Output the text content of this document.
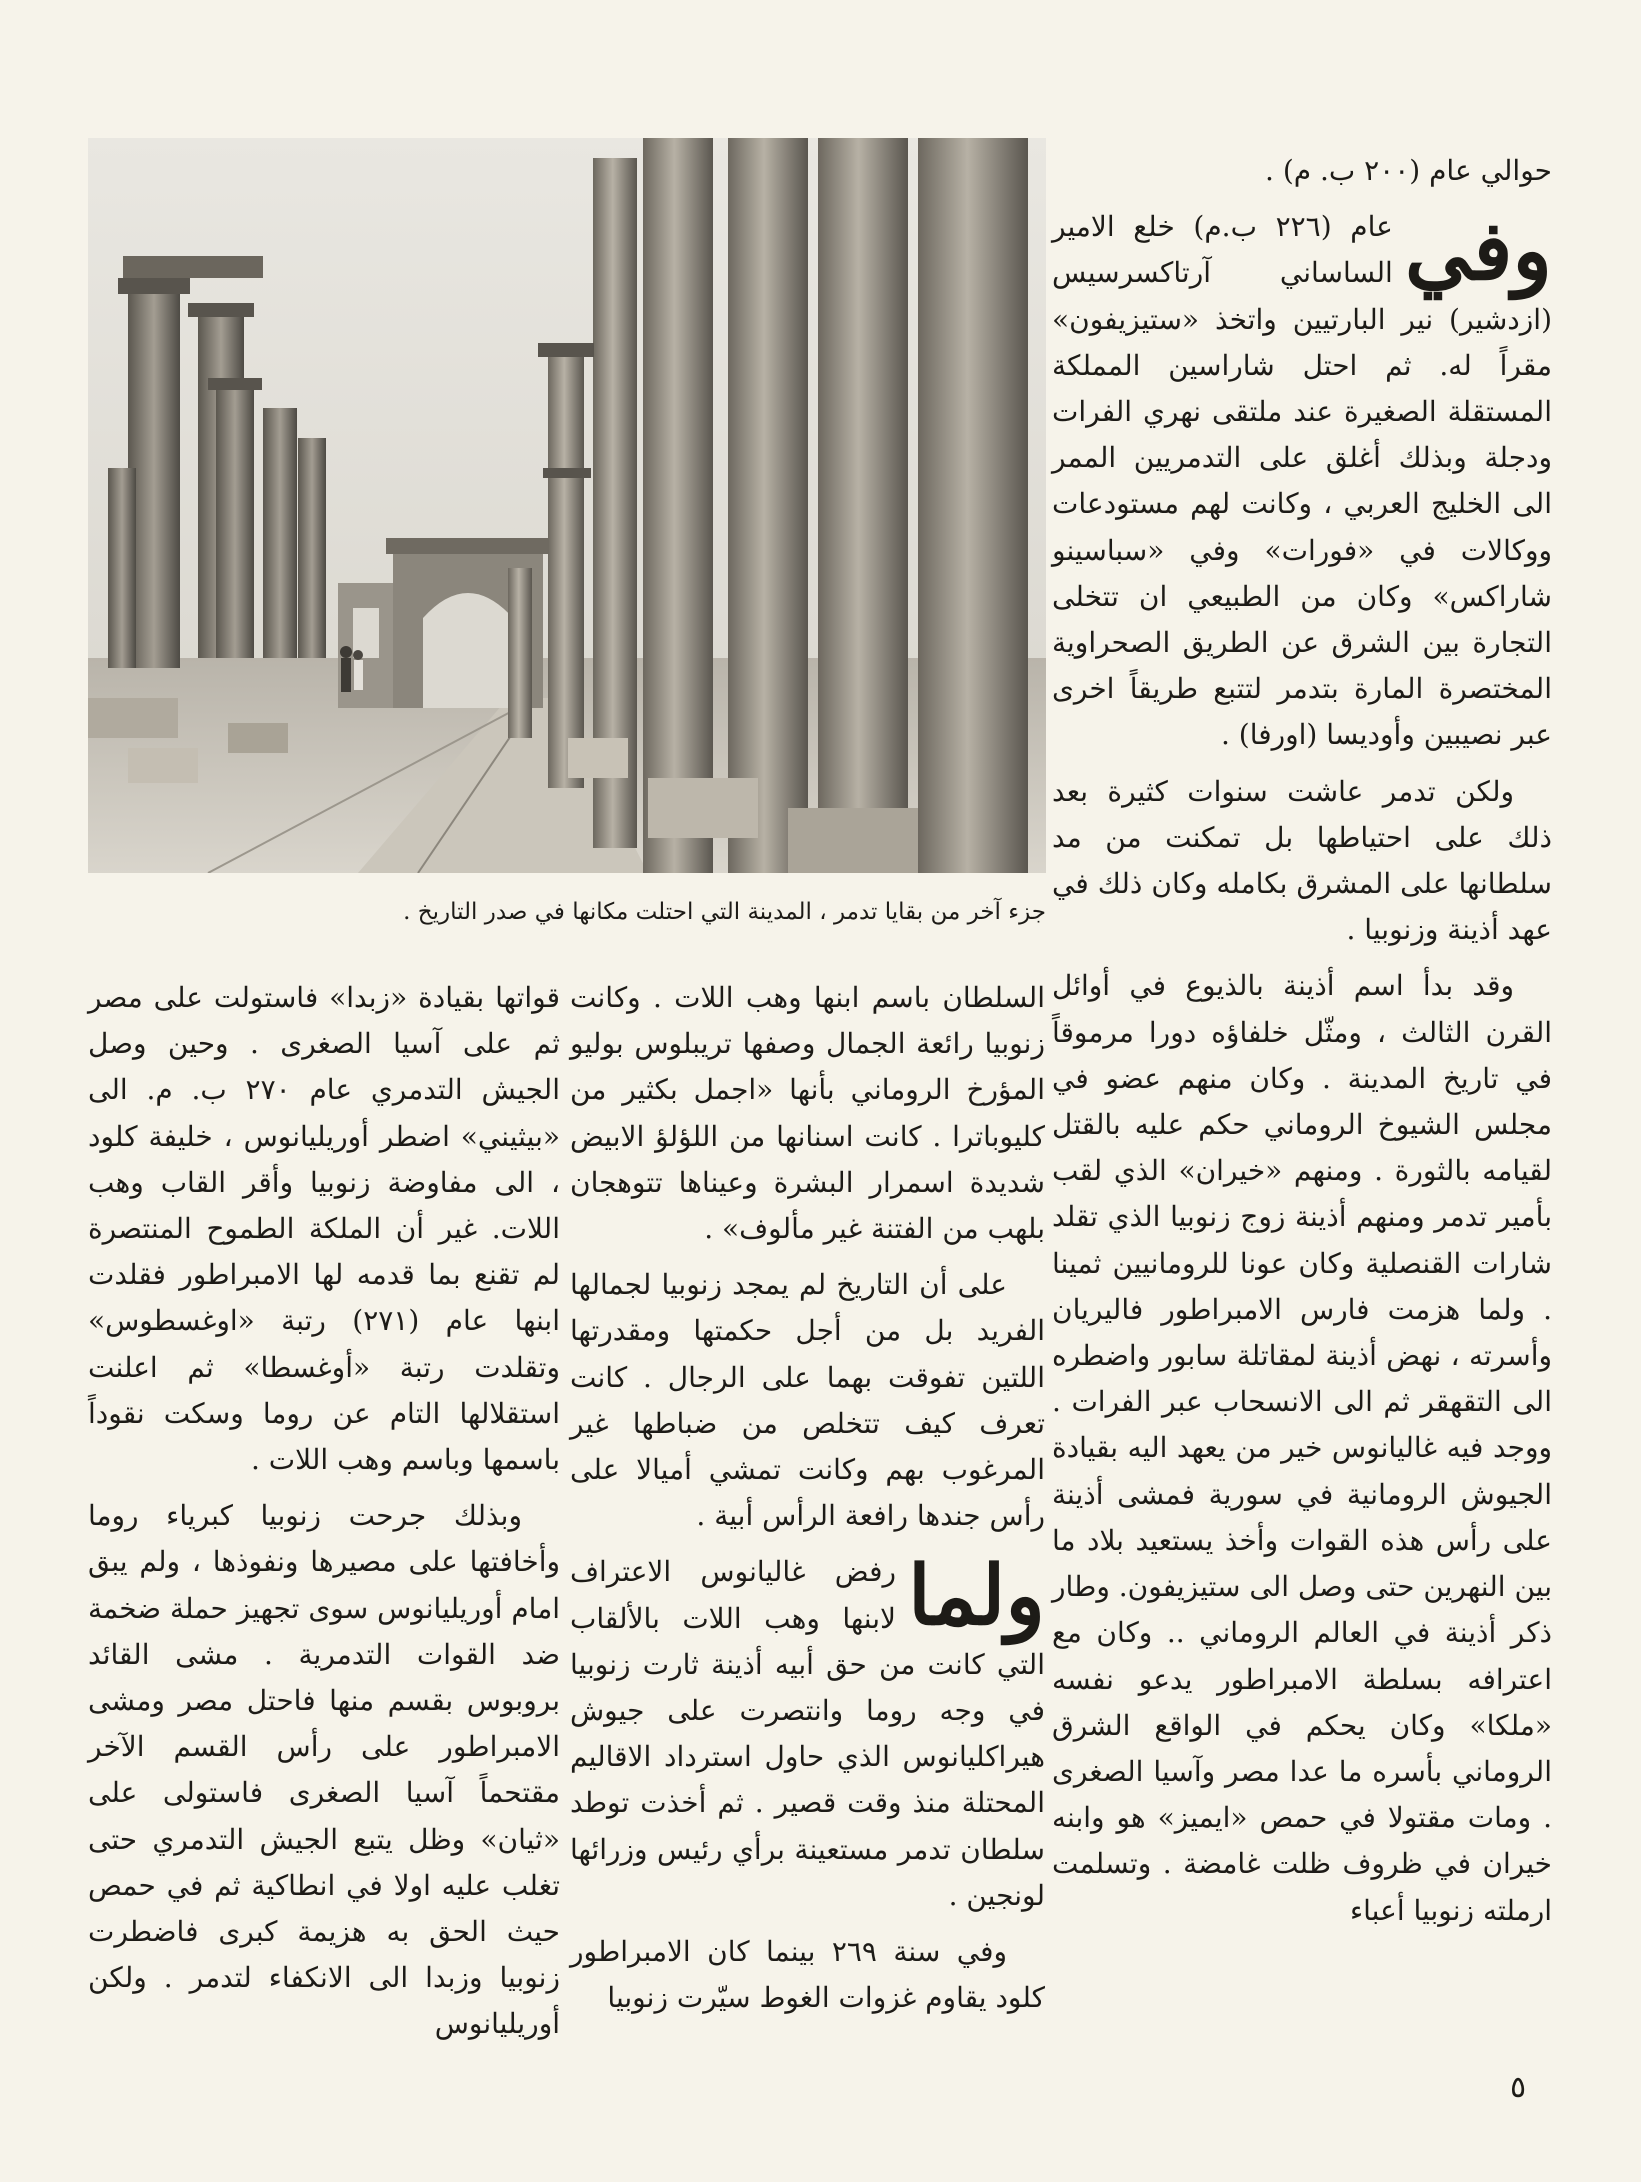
جزء آخر من بقايا تدمر ، المدينة التي احتلت مكانها في صدر التاريخ .

حوالي عام (٢٠٠ ب. م) .

وفي
عام (٢٢٦ ب.م) خلع الامير الساساني آرتاكسرسيس (ازدشير) نير البارتيين واتخذ «ستيزيفون» مقراً له. ثم احتل شاراسين المملكة المستقلة الصغيرة عند ملتقى نهري الفرات ودجلة وبذلك أغلق على التدمريين الممر الى الخليج العربي ، وكانت لهم مستودعات ووكالات في «فورات» وفي «سباسينو شاراكس» وكان من الطبيعي ان تتخلى التجارة بين الشرق عن الطريق الصحراوية المختصرة المارة بتدمر لتتبع طريقاً اخرى عبر نصيبين وأوديسا (اورفا) .

ولكن تدمر عاشت سنوات كثيرة بعد ذلك على احتياطها بل تمكنت من مد سلطانها على المشرق بكامله وكان ذلك في عهد أذينة وزنوبيا .

وقد بدأ اسم أذينة بالذيوع في أوائل القرن الثالث ، ومثّل خلفاؤه دورا مرموقاً في تاريخ المدينة . وكان منهم عضو في مجلس الشيوخ الروماني حكم عليه بالقتل لقيامه بالثورة . ومنهم «خيران» الذي لقب بأمير تدمر ومنهم أذينة زوج زنوبيا الذي تقلد شارات القنصلية وكان عونا للرومانيين ثمينا . ولما هزمت فارس الامبراطور فاليريان وأسرته ، نهض أذينة لمقاتلة سابور واضطره الى التقهقر ثم الى الانسحاب عبر الفرات . ووجد فيه غاليانوس خير من يعهد اليه بقيادة الجيوش الرومانية في سورية فمشى أذينة على رأس هذه القوات وأخذ يستعيد بلاد ما بين النهرين حتى وصل الى ستيزيفون. وطار ذكر أذينة في العالم الروماني .. وكان مع اعترافه بسلطة الامبراطور يدعو نفسه «ملكا» وكان يحكم في الواقع الشرق الروماني بأسره ما عدا مصر وآسيا الصغرى . ومات مقتولا في حمص «ايميز» هو وابنه خيران في ظروف ظلت غامضة . وتسلمت ارملته زنوبيا أعباء

السلطان باسم ابنها وهب اللات . وكانت زنوبيا رائعة الجمال وصفها تريبلوس بوليو المؤرخ الروماني بأنها «اجمل بكثير من كليوباترا . كانت اسنانها من اللؤلؤ الابيض شديدة اسمرار البشرة وعيناها تتوهجان بلهب من الفتنة غير مألوف» .

على أن التاريخ لم يمجد زنوبيا لجمالها الفريد بل من أجل حكمتها ومقدرتها اللتين تفوقت بهما على الرجال . كانت تعرف كيف تتخلص من ضباطها غير المرغوب بهم وكانت تمشي أميالا على رأس جندها رافعة الرأس أبية .

ولما
رفض غاليانوس الاعتراف لابنها وهب اللات بالألقاب التي كانت من حق أبيه أذينة ثارت زنوبيا في وجه روما وانتصرت على جيوش هيراكليانوس الذي حاول استرداد الاقاليم المحتلة منذ وقت قصير . ثم أخذت توطد سلطان تدمر مستعينة برأي رئيس وزرائها لونجين .

وفي سنة ٢٦٩ بينما كان الامبراطور كلود يقاوم غزوات الغوط سيّرت زنوبيا

قواتها بقيادة «زبدا» فاستولت على مصر ثم على آسيا الصغرى . وحين وصل الجيش التدمري عام ٢٧٠ ب. م. الى «بيثيني» اضطر أوريليانوس ، خليفة كلود ، الى مفاوضة زنوبيا وأقر القاب وهب اللات. غير أن الملكة الطموح المنتصرة لم تقنع بما قدمه لها الامبراطور فقلدت ابنها عام (٢٧١) رتبة «اوغسطوس» وتقلدت رتبة «أوغسطا» ثم اعلنت استقلالها التام عن روما وسكت نقوداً باسمها وباسم وهب اللات .

وبذلك جرحت زنوبيا كبرياء روما وأخافتها على مصيرها ونفوذها ، ولم يبق امام أوريليانوس سوى تجهيز حملة ضخمة ضد القوات التدمرية . مشى القائد بروبوس بقسم منها فاحتل مصر ومشى الامبراطور على رأس القسم الآخر مقتحماً آسيا الصغرى فاستولى على «ثيان» وظل يتبع الجيش التدمري حتى تغلب عليه اولا في انطاكية ثم في حمص حيث الحق به هزيمة كبرى فاضطرت زنوبيا وزبدا الى الانكفاء لتدمر . ولكن أوريليانوس

٥
